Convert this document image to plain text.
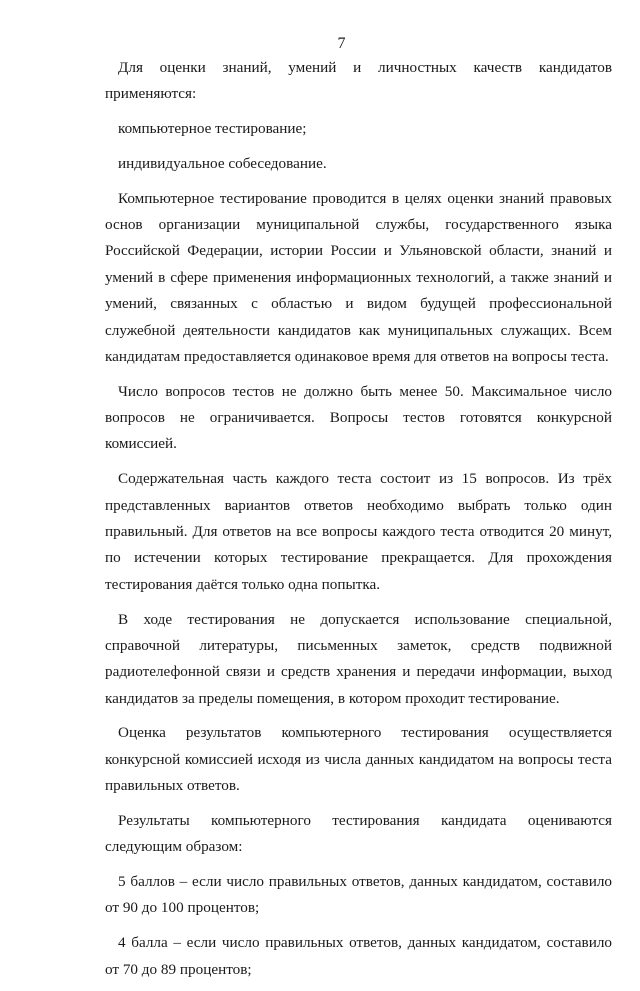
7

Для оценки знаний, умений и личностных качеств кандидатов применяются:

компьютерное тестирование;

индивидуальное собеседование.

Компьютерное тестирование проводится в целях оценки знаний правовых основ организации муниципальной службы, государственного языка Российской Федерации, истории России и Ульяновской области, знаний и умений в сфере применения информационных технологий, а также знаний и умений, связанных с областью и видом будущей профессиональной служебной деятельности кандидатов как муниципальных служащих. Всем кандидатам предоставляется одинаковое время для ответов на вопросы теста.

Число вопросов тестов не должно быть менее 50. Максимальное число вопросов не ограничивается. Вопросы тестов готовятся конкурсной комиссией.

Содержательная часть каждого теста состоит из 15 вопросов. Из трёх представленных вариантов ответов необходимо выбрать только один правильный. Для ответов на все вопросы каждого теста отводится 20 минут, по истечении которых тестирование прекращается. Для прохождения тестирования даётся только одна попытка.

В ходе тестирования не допускается использование специальной, справочной литературы, письменных заметок, средств подвижной радиотелефонной связи и средств хранения и передачи информации, выход кандидатов за пределы помещения, в котором проходит тестирование.

Оценка результатов компьютерного тестирования осуществляется конкурсной комиссией исходя из числа данных кандидатом на вопросы теста правильных ответов.

Результаты компьютерного тестирования кандидата оцениваются следующим образом:

5 баллов – если число правильных ответов, данных кандидатом, составило от 90 до 100 процентов;

4 балла – если число правильных ответов, данных кандидатом, составило от 70 до 89 процентов;
